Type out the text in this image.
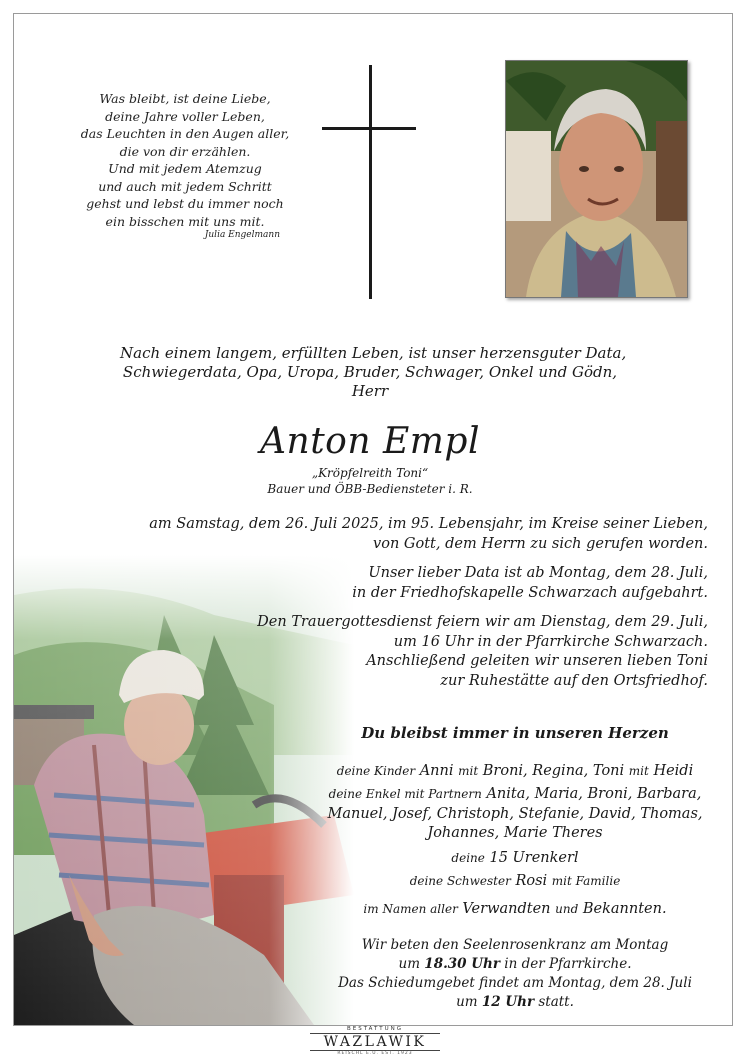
Was bleibt, ist deine Liebe,
deine Jahre voller Leben,
das Leuchten in den Augen aller,
die von dir erzählen.
Und mit jedem Atemzug
und auch mit jedem Schritt
gehst und lebst du immer noch
ein bisschen mit uns mit.
Julia Engelmann
Nach einem langem, erfüllten Leben, ist unser herzensguter Data,
Schwiegerdata, Opa, Uropa, Bruder, Schwager, Onkel und Gödn,
Herr
Anton Empl
„Kröpfelreith Toni“
Bauer und ÖBB-Bediensteter i. R.
am Samstag, dem 26. Juli 2025, im 95. Lebensjahr, im Kreise seiner Lieben,
von Gott, dem Herrn zu sich gerufen worden.
Unser lieber Data ist ab Montag, dem 28. Juli,
in der Friedhofskapelle Schwarzach aufgebahrt.
Den Trauergottesdienst feiern wir am Dienstag, dem 29. Juli,
um 16 Uhr in der Pfarrkirche Schwarzach.
Anschließend geleiten wir unseren lieben Toni
zur Ruhestätte auf den Ortsfriedhof.
Du bleibst immer in unseren Herzen
deine Kinder Anni mit Broni, Regina, Toni mit Heidi
deine Enkel mit Partnern Anita, Maria, Broni, Barbara,
Manuel, Josef, Christoph, Stefanie, David, Thomas,
Johannes, Marie Theres
deine 15 Urenkerl
deine Schwester Rosi mit Familie
im Namen aller Verwandten und Bekannten.
Wir beten den Seelenrosenkranz am Montag
um 18.30 Uhr in der Pfarrkirche.
Das Schiedumgebet findet am Montag, dem 28. Juli
um 12 Uhr statt.
BESTATTUNG
WAZLAWIK
REISCHL E.U. EST. 1923
